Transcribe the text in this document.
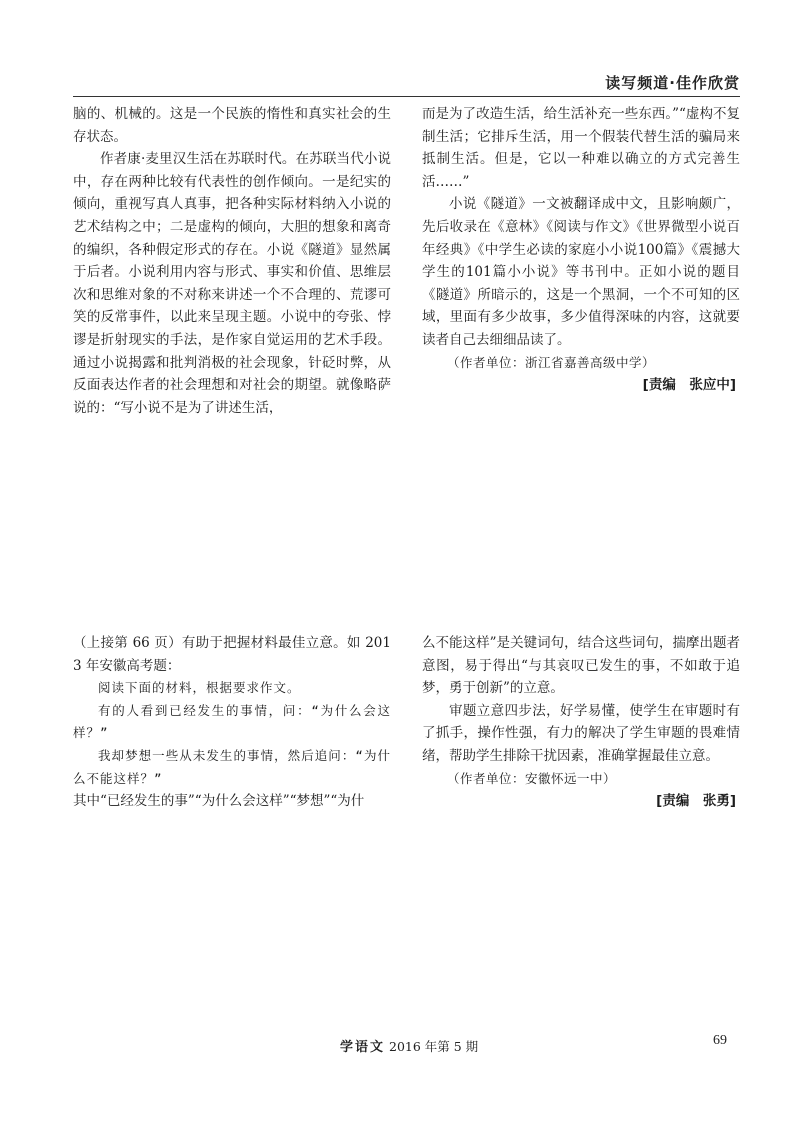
读写频道·佳作欣赏

脑的、机械的。这是一个民族的惰性和真实社会的生存状态。

作者康·麦里汉生活在苏联时代。在苏联当代小说中，存在两种比较有代表性的创作倾向。一是纪实的倾向，重视写真人真事，把各种实际材料纳入小说的艺术结构之中；二是虚构的倾向，大胆的想象和离奇的编织，各种假定形式的存在。小说《隧道》显然属于后者。小说利用内容与形式、事实和价值、思维层次和思维对象的不对称来讲述一个不合理的、荒谬可笑的反常事件，以此来呈现主题。小说中的夸张、悖谬是折射现实的手法，是作家自觉运用的艺术手段。通过小说揭露和批判消极的社会现象，针砭时弊，从反面表达作者的社会理想和对社会的期望。就像略萨说的：“写小说不是为了讲述生活，

而是为了改造生活，给生活补充一些东西。”“虚构不复制生活；它排斥生活，用一个假装代替生活的骗局来抵制生活。但是，它以一种难以确立的方式完善生活……”

小说《隧道》一文被翻译成中文，且影响颇广，先后收录在《意林》《阅读与作文》《世界微型小说百年经典》《中学生必读的家庭小小说100篇》《震撼大学生的101篇小小说》等书刊中。正如小说的题目《隧道》所暗示的，这是一个黑洞，一个不可知的区域，里面有多少故事，多少值得深味的内容，这就要读者自己去细细品读了。

（作者单位：浙江省嘉善高级中学）

[责编　张应中]

（上接第 66 页）有助于把握材料最佳立意。如 2013 年安徽高考题：

阅读下面的材料，根据要求作文。

有的人看到已经发生的事情，问：“为什么会这样？”

我却梦想一些从未发生的事情，然后追问：“为什么不能这样？”

其中“已经发生的事”“为什么会这样”“梦想”“为什

么不能这样”是关键词句，结合这些词句，揣摩出题者意图，易于得出“与其哀叹已发生的事，不如敢于追梦，勇于创新”的立意。

审题立意四步法，好学易懂，使学生在审题时有了抓手，操作性强，有力的解决了学生审题的畏难情绪，帮助学生排除干扰因素，准确掌握最佳立意。

（作者单位：安徽怀远一中）

[责编　张勇]

学语文 2016 年第 5 期	69
